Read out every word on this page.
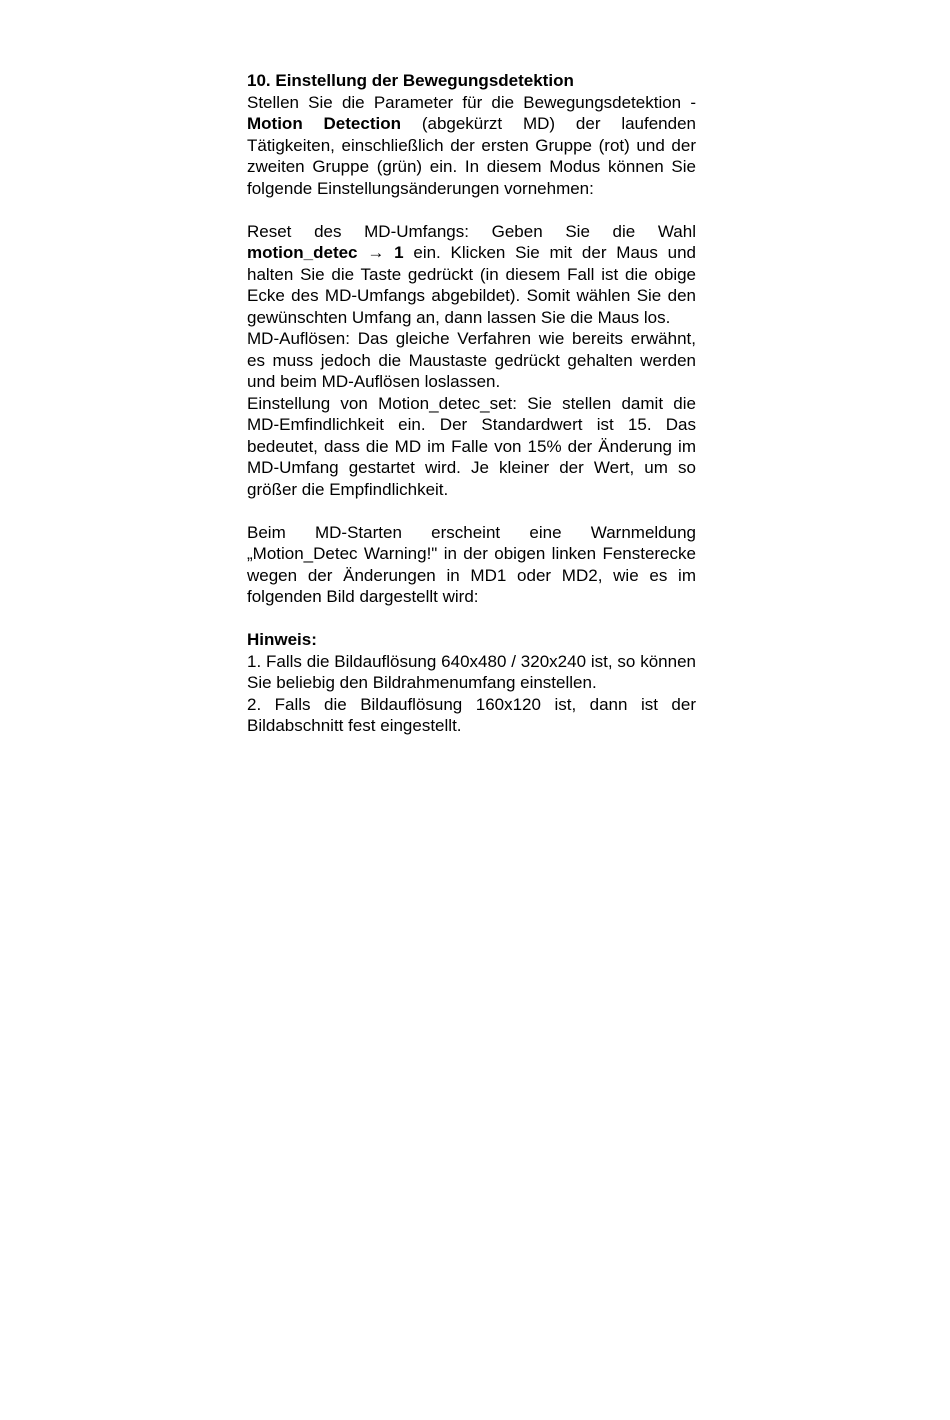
10. Einstellung der Bewegungsdetektion

Stellen Sie die Parameter für die Bewegungsdetektion - Motion Detection (abgekürzt MD) der laufenden Tätigkeiten, einschließlich der ersten Gruppe (rot) und der zweiten Gruppe (grün) ein. In diesem Modus können Sie folgende Einstellungsänderungen vornehmen:

Reset des MD-Umfangs: Geben Sie die Wahl motion_detec → 1 ein. Klicken Sie mit der Maus und halten Sie die Taste gedrückt (in diesem Fall ist die obige Ecke des MD-Umfangs abgebildet). Somit wählen Sie den gewünschten Umfang an, dann lassen Sie die Maus los.

MD-Auflösen: Das gleiche Verfahren wie bereits erwähnt, es muss jedoch die Maustaste gedrückt gehalten werden und beim MD-Auflösen loslassen.

Einstellung von Motion_detec_set: Sie stellen damit die MD-Emfindlichkeit ein. Der Standardwert ist 15. Das bedeutet, dass die MD im Falle von 15% der Änderung im MD-Umfang gestartet wird. Je kleiner der Wert, um so größer die Empfindlichkeit.

Beim MD-Starten erscheint eine Warnmeldung „Motion_Detec Warning!" in der obigen linken Fensterecke wegen der Änderungen in MD1 oder MD2, wie es im folgenden Bild dargestellt wird:

Hinweis:

1. Falls die Bildauflösung 640x480 / 320x240 ist, so können Sie beliebig den Bildrahmenumfang einstellen.

2. Falls die Bildauflösung 160x120 ist, dann ist der Bildabschnitt fest eingestellt.
